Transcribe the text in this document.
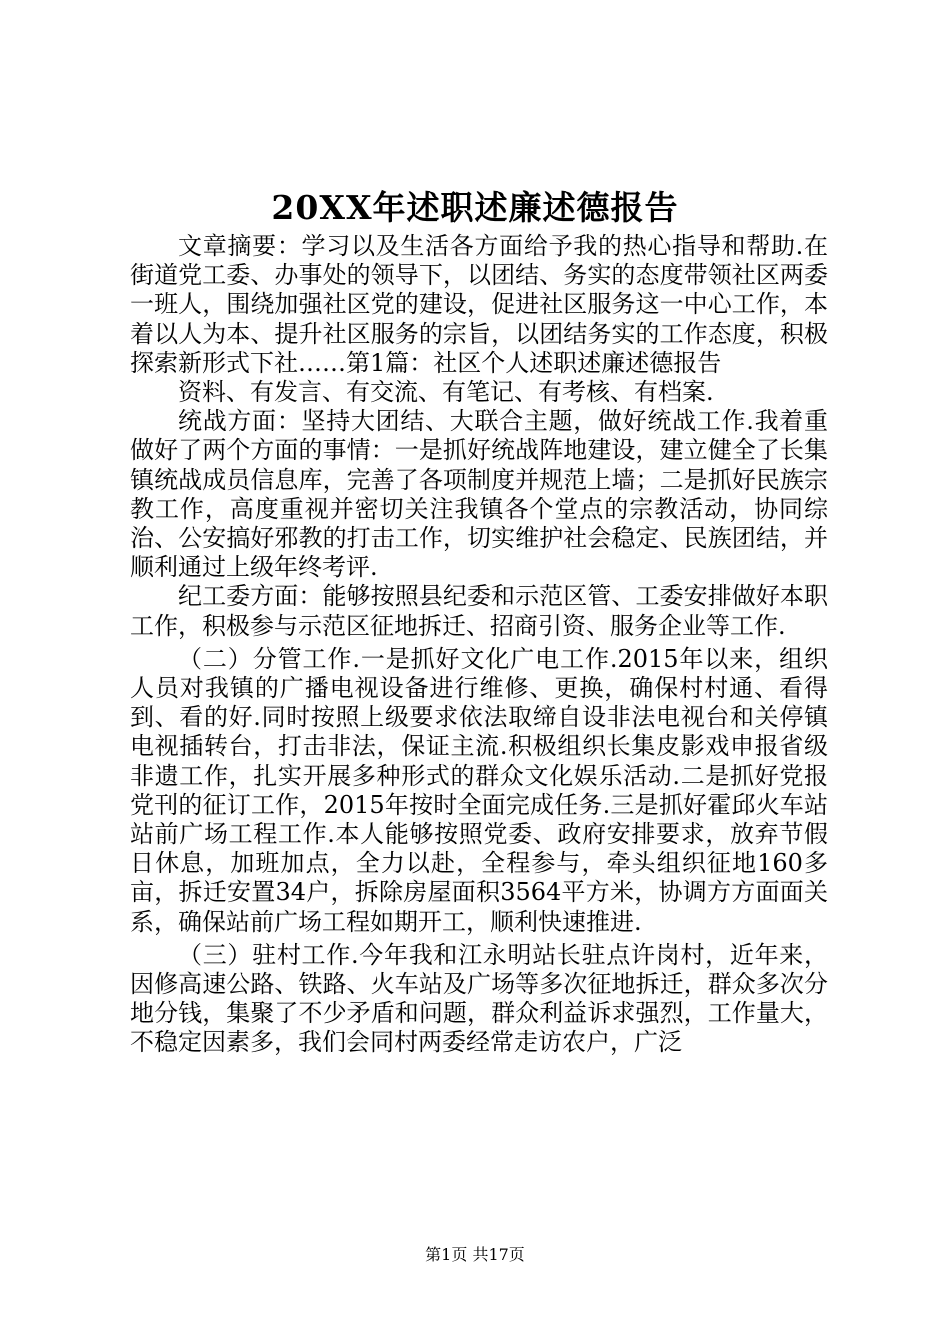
20XX年述职述廉述德报告

文章摘要：学习以及生活各方面给予我的热心指导和帮助.在街道党工委、办事处的领导下，以团结、务实的态度带领社区两委一班人，围绕加强社区党的建设，促进社区服务这一中心工作，本着以人为本、提升社区服务的宗旨，以团结务实的工作态度，积极探索新形式下社……第1篇：社区个人述职述廉述德报告

资料、有发言、有交流、有笔记、有考核、有档案.

统战方面：坚持大团结、大联合主题，做好统战工作.我着重做好了两个方面的事情：一是抓好统战阵地建设，建立健全了长集镇统战成员信息库，完善了各项制度并规范上墙；二是抓好民族宗教工作，高度重视并密切关注我镇各个堂点的宗教活动，协同综治、公安搞好邪教的打击工作，切实维护社会稳定、民族团结，并顺利通过上级年终考评.

纪工委方面：能够按照县纪委和示范区管、工委安排做好本职工作，积极参与示范区征地拆迁、招商引资、服务企业等工作.

（二）分管工作.一是抓好文化广电工作.2015年以来，组织人员对我镇的广播电视设备进行维修、更换，确保村村通、看得到、看的好.同时按照上级要求依法取缔自设非法电视台和关停镇电视插转台，打击非法，保证主流.积极组织长集皮影戏申报省级非遗工作，扎实开展多种形式的群众文化娱乐活动.二是抓好党报党刊的征订工作，2015年按时全面完成任务.三是抓好霍邱火车站站前广场工程工作.本人能够按照党委、政府安排要求，放弃节假日休息，加班加点，全力以赴，全程参与，牵头组织征地160多亩，拆迁安置34户，拆除房屋面积3564平方米，协调方方面面关系，确保站前广场工程如期开工，顺利快速推进.

（三）驻村工作.今年我和江永明站长驻点许岗村，近年来，因修高速公路、铁路、火车站及广场等多次征地拆迁，群众多次分地分钱，集聚了不少矛盾和问题，群众利益诉求强烈，工作量大，不稳定因素多，我们会同村两委经常走访农户，广泛

第1页 共17页
